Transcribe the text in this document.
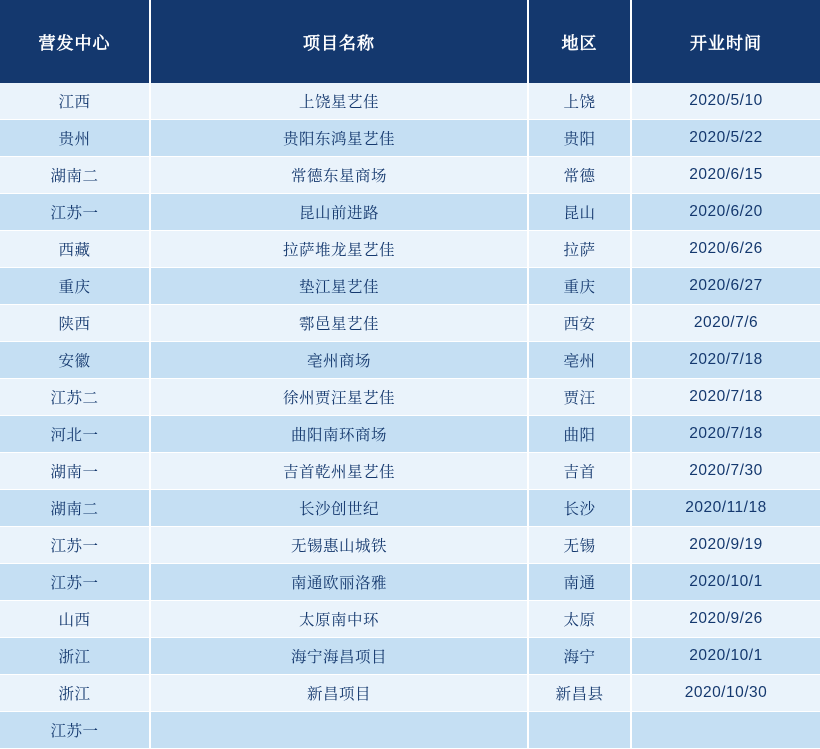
营发中心	项目名称	地区	开业时间
江西	上饶星艺佳	上饶	2020/5/10
贵州	贵阳东鸿星艺佳	贵阳	2020/5/22
湖南二	常德东星商场	常德	2020/6/15
江苏一	昆山前进路	昆山	2020/6/20
西藏	拉萨堆龙星艺佳	拉萨	2020/6/26
重庆	垫江星艺佳	重庆	2020/6/27
陕西	鄠邑星艺佳	西安	2020/7/6
安徽	亳州商场	亳州	2020/7/18
江苏二	徐州贾汪星艺佳	贾汪	2020/7/18
河北一	曲阳南环商场	曲阳	2020/7/18
湖南一	吉首乾州星艺佳	吉首	2020/7/30
湖南二	长沙创世纪	长沙	2020/11/18
江苏一	无锡惠山城铁	无锡	2020/9/19
江苏一	南通欧丽洛雅	南通	2020/10/1
山西	太原南中环	太原	2020/9/26
浙江	海宁海昌项目	海宁	2020/10/1
浙江	新昌项目	新昌县	2020/10/30
江苏一			
